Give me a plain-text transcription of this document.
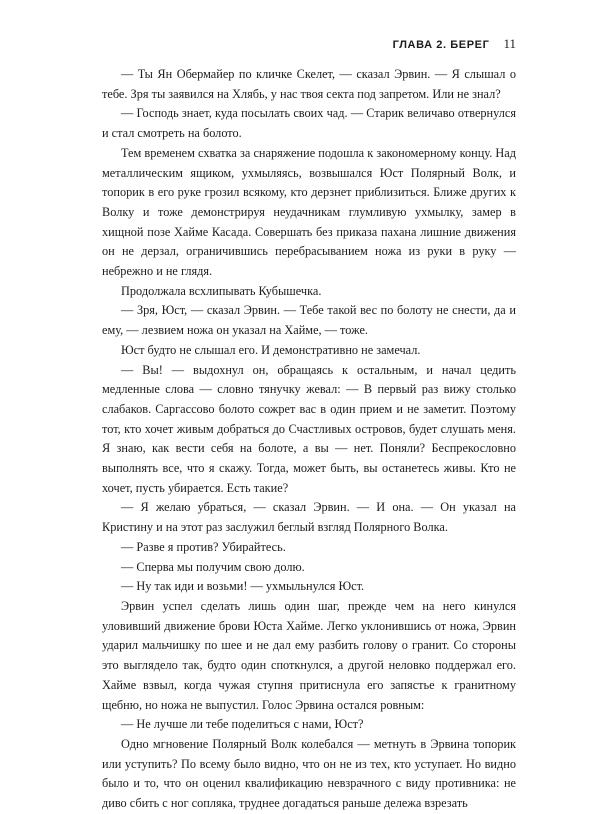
ГЛАВА 2. БЕРЕГ 11

— Ты Ян Обермайер по кличке Скелет, — сказал Эрвин. — Я слышал о тебе. Зря ты заявился на Хлябь, у нас твоя секта под запретом. Или не знал?

— Господь знает, куда посылать своих чад. — Старик величаво отвернулся и стал смотреть на болото.

Тем временем схватка за снаряжение подошла к закономерному концу. Над металлическим ящиком, ухмыляясь, возвышался Юст Полярный Волк, и топорик в его руке грозил всякому, кто дерзнет приблизиться. Ближе других к Волку и тоже демонстрируя неудачникам глумливую ухмылку, замер в хищной позе Хайме Касада. Совершать без приказа пахана лишние движения он не дерзал, ограничившись перебрасыванием ножа из руки в руку — небрежно и не глядя.

Продолжала всхлипывать Кубышечка.

— Зря, Юст, — сказал Эрвин. — Тебе такой вес по болоту не снести, да и ему, — лезвием ножа он указал на Хайме, — тоже.

Юст будто не слышал его. И демонстративно не замечал.

— Вы! — выдохнул он, обращаясь к остальным, и начал цедить медленные слова — словно тянучку жевал: — В первый раз вижу столько слабаков. Саргассово болото сожрет вас в один прием и не заметит. Поэтому тот, кто хочет живым добраться до Счастливых островов, будет слушать меня. Я знаю, как вести себя на болоте, а вы — нет. Поняли? Беспрекословно выполнять все, что я скажу. Тогда, может быть, вы останетесь живы. Кто не хочет, пусть убирается. Есть такие?

— Я желаю убраться, — сказал Эрвин. — И она. — Он указал на Кристину и на этот раз заслужил беглый взгляд Полярного Волка.

— Разве я против? Убирайтесь.

— Сперва мы получим свою долю.

— Ну так иди и возьми! — ухмыльнулся Юст.

Эрвин успел сделать лишь один шаг, прежде чем на него кинулся уловивший движение брови Юста Хайме. Легко уклонившись от ножа, Эрвин ударил мальчишку по шее и не дал ему разбить голову о гранит. Со стороны это выглядело так, будто один споткнулся, а другой неловко поддержал его. Хайме взвыл, когда чужая ступня притиснула его запястье к гранитному щебню, но ножа не выпустил. Голос Эрвина остался ровным:

— Не лучше ли тебе поделиться с нами, Юст?

Одно мгновение Полярный Волк колебался — метнуть в Эрвина топорик или уступить? По всему было видно, что он не из тех, кто уступает. Но видно было и то, что он оценил квалификацию невзрачного с виду противника: не диво сбить с ног сопляка, труднее догадаться раньше дележа взрезать
